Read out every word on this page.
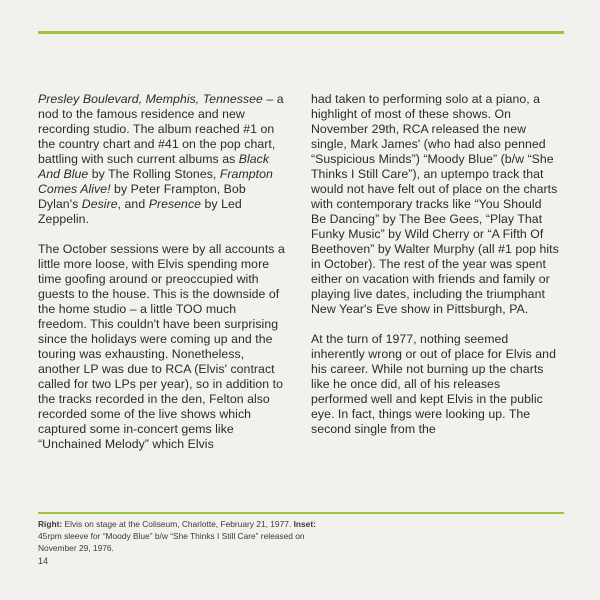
Presley Boulevard, Memphis, Tennessee – a nod to the famous residence and new recording studio. The album reached #1 on the country chart and #41 on the pop chart, battling with such current albums as Black And Blue by The Rolling Stones, Frampton Comes Alive! by Peter Frampton, Bob Dylan's Desire, and Presence by Led Zeppelin.

The October sessions were by all accounts a little more loose, with Elvis spending more time goofing around or preoccupied with guests to the house. This is the downside of the home studio – a little TOO much freedom. This couldn't have been surprising since the holidays were coming up and the touring was exhausting. Nonetheless, another LP was due to RCA (Elvis' contract called for two LPs per year), so in addition to the tracks recorded in the den, Felton also recorded some of the live shows which captured some in-concert gems like “Unchained Melody” which Elvis

had taken to performing solo at a piano, a highlight of most of these shows. On November 29th, RCA released the new single, Mark James' (who had also penned “Suspicious Minds”) “Moody Blue” (b/w “She Thinks I Still Care”), an uptempo track that would not have felt out of place on the charts with contemporary tracks like “You Should Be Dancing” by The Bee Gees, “Play That Funky Music” by Wild Cherry or “A Fifth Of Beethoven” by Walter Murphy (all #1 pop hits in October). The rest of the year was spent either on vacation with friends and family or playing live dates, including the triumphant New Year's Eve show in Pittsburgh, PA.

At the turn of 1977, nothing seemed inherently wrong or out of place for Elvis and his career. While not burning up the charts like he once did, all of his releases performed well and kept Elvis in the public eye. In fact, things were looking up. The second single from the

Right: Elvis on stage at the Coliseum, Charlotte, February 21, 1977. Inset: 45rpm sleeve for “Moody Blue” b/w “She Thinks I Still Care” released on November 29, 1976.
14
